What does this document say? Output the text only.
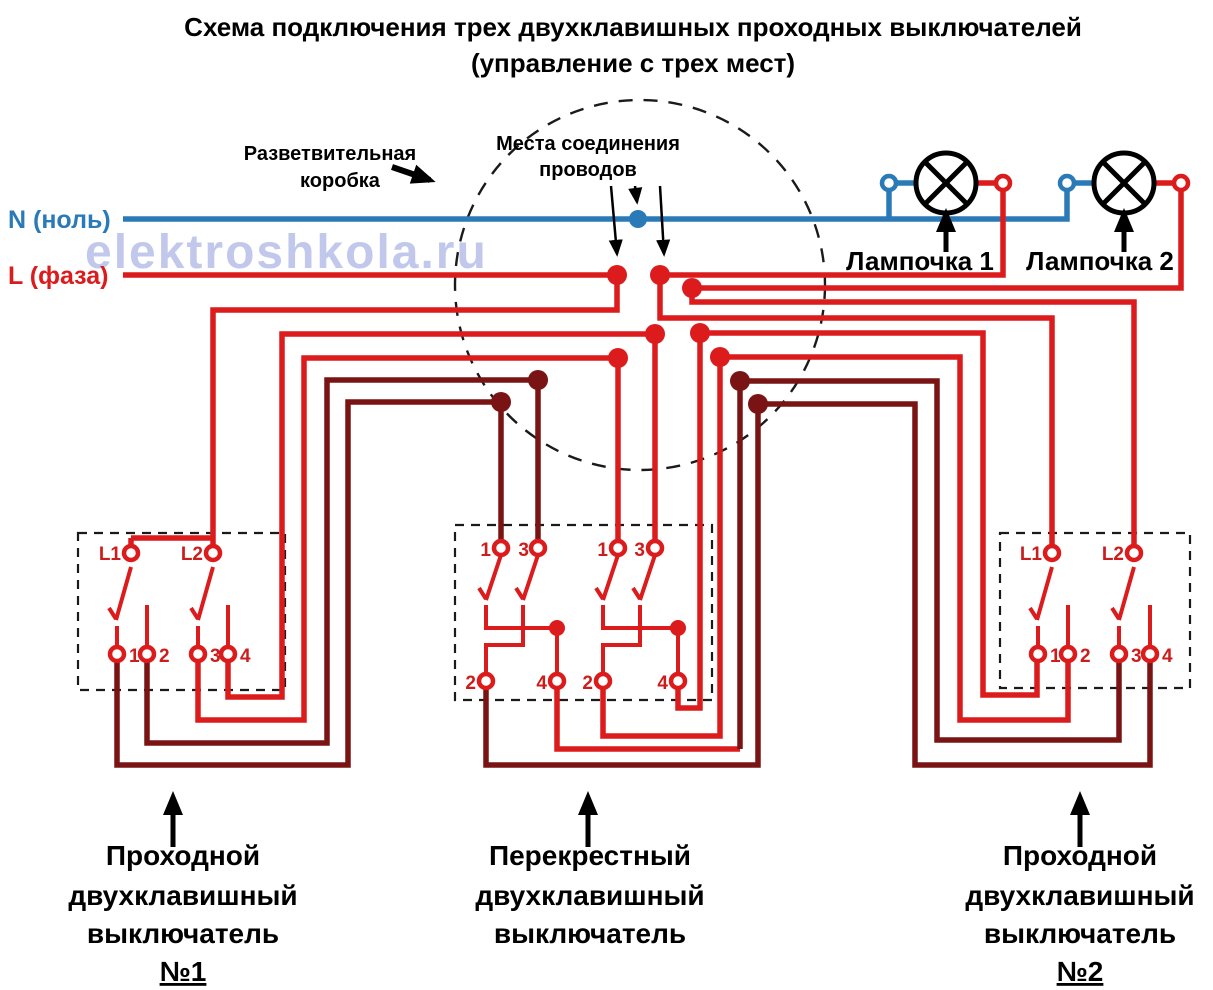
elektroshkola.ru
Схема подключения трех двухклавишных проходных выключателей
(управление с трех мест)
N (ноль)
L (фаза)
Разветвительная
коробка
Места соединения
проводов
Лампочка 1 Лампочка 2
L1	L2
1 2 3 4
1 3	1 3
2	4 2	4
L1	L2
1 2 3 4
Проходной
двухклавишный
выключатель
№1
Перекрестный
двухклавишный
выключатель
Проходной
двухклавишный
выключатель
№2
